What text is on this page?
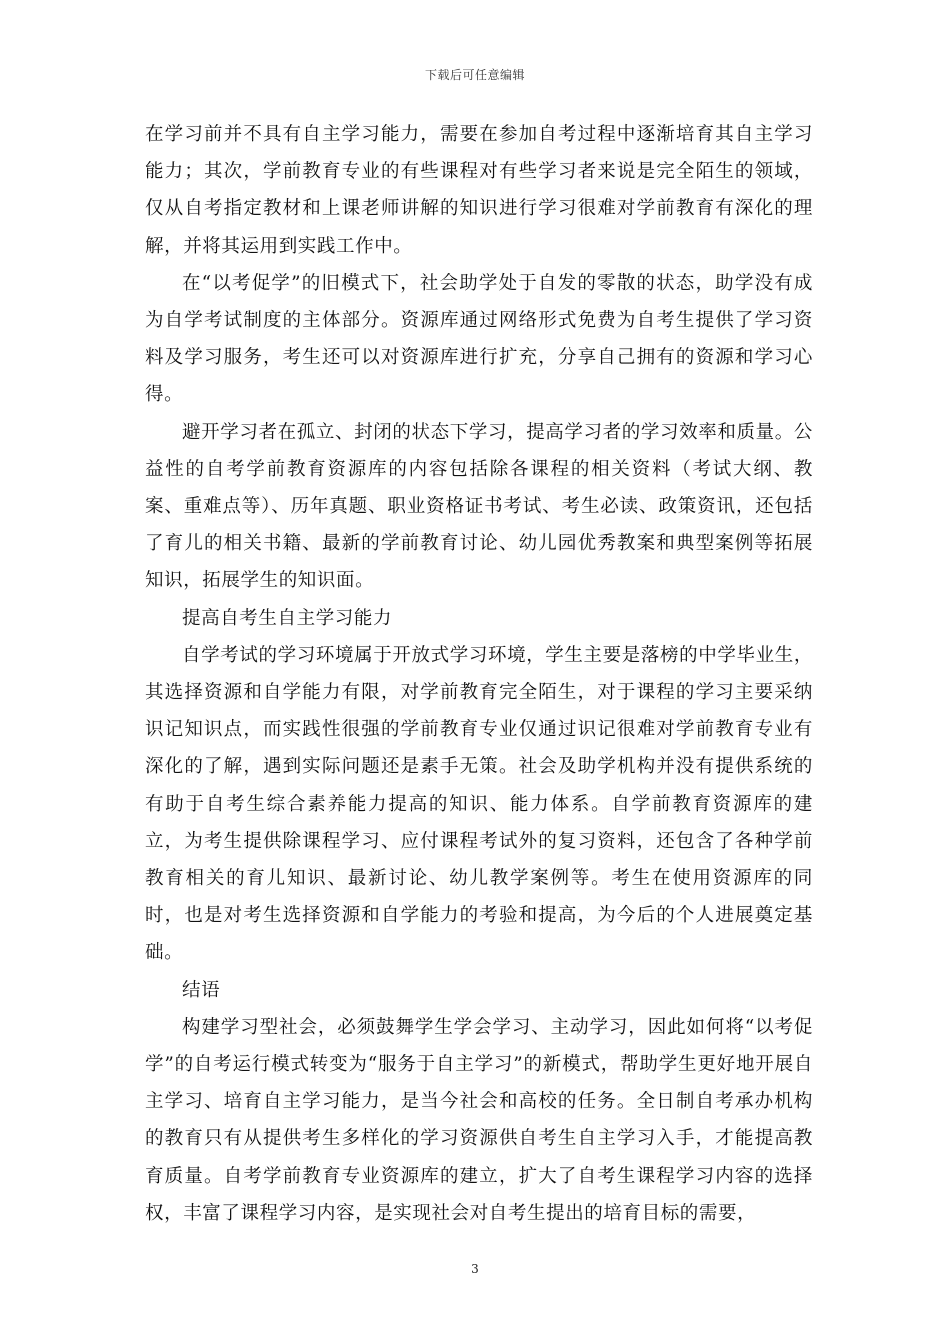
下载后可任意编辑

在学习前并不具有自主学习能力，需要在参加自考过程中逐渐培育其自主学习能力；其次，学前教育专业的有些课程对有些学习者来说是完全陌生的领域，仅从自考指定教材和上课老师讲解的知识进行学习很难对学前教育有深化的理解，并将其运用到实践工作中。

在“以考促学”的旧模式下，社会助学处于自发的零散的状态，助学没有成为自学考试制度的主体部分。资源库通过网络形式免费为自考生提供了学习资料及学习服务，考生还可以对资源库进行扩充，分享自己拥有的资源和学习心得。

避开学习者在孤立、封闭的状态下学习，提高学习者的学习效率和质量。公益性的自考学前教育资源库的内容包括除各课程的相关资料（考试大纲、教案、重难点等）、历年真题、职业资格证书考试、考生必读、政策资讯，还包括了育儿的相关书籍、最新的学前教育讨论、幼儿园优秀教案和典型案例等拓展知识，拓展学生的知识面。

提高自考生自主学习能力

自学考试的学习环境属于开放式学习环境，学生主要是落榜的中学毕业生，其选择资源和自学能力有限，对学前教育完全陌生，对于课程的学习主要采纳识记知识点，而实践性很强的学前教育专业仅通过识记很难对学前教育专业有深化的了解，遇到实际问题还是素手无策。社会及助学机构并没有提供系统的有助于自考生综合素养能力提高的知识、能力体系。自学前教育资源库的建立，为考生提供除课程学习、应付课程考试外的复习资料，还包含了各种学前教育相关的育儿知识、最新讨论、幼儿教学案例等。考生在使用资源库的同时，也是对考生选择资源和自学能力的考验和提高，为今后的个人进展奠定基础。

结语

构建学习型社会，必须鼓舞学生学会学习、主动学习，因此如何将“以考促学”的自考运行模式转变为“服务于自主学习”的新模式，帮助学生更好地开展自主学习、培育自主学习能力，是当今社会和高校的任务。全日制自考承办机构的教育只有从提供考生多样化的学习资源供自考生自主学习入手，才能提高教育质量。自考学前教育专业资源库的建立，扩大了自考生课程学习内容的选择权，丰富了课程学习内容，是实现社会对自考生提出的培育目标的需要，

3
